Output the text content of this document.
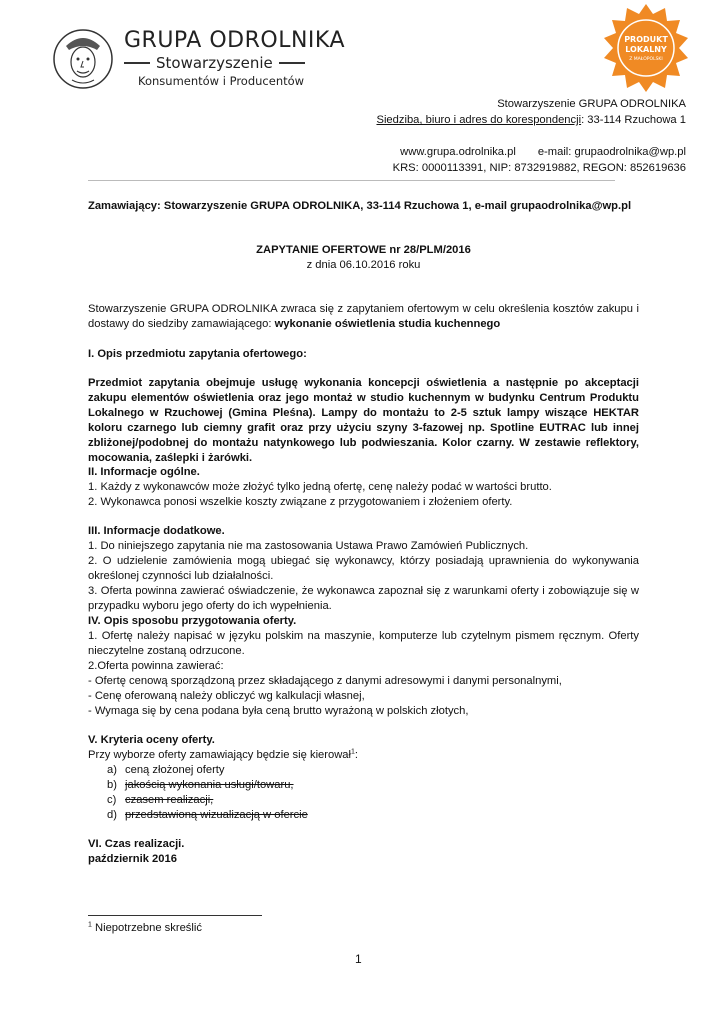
GRUPA ODROLNIKA
Stowarzyszenie
Konsumentów i Producentów
PRODUKT
LOKALNY
Z MAŁOPOLSKI
Stowarzyszenie GRUPA ODROLNIKA
Siedziba, biuro i adres do korespondencji: 33-114 Rzuchowa 1
www.grupa.odrolnika.pl e-mail: grupaodrolnika@wp.pl
KRS: 0000113391, NIP: 8732919882, REGON: 852619636
Zamawiający: Stowarzyszenie GRUPA ODROLNIKA, 33-114 Rzuchowa 1, e-mail grupaodrolnika@wp.pl
ZAPYTANIE OFERTOWE nr 28/PLM/2016
z dnia 06.10.2016 roku
Stowarzyszenie GRUPA ODROLNIKA zwraca się z zapytaniem ofertowym w celu określenia kosztów zakupu i dostawy do siedziby zamawiającego: wykonanie oświetlenia studia kuchennego
I. Opis przedmiotu zapytania ofertowego:
Przedmiot zapytania obejmuje usługę wykonania koncepcji oświetlenia a następnie po akceptacji zakupu elementów oświetlenia oraz jego montaż w studio kuchennym w budynku Centrum Produktu Lokalnego w Rzuchowej (Gmina Pleśna). Lampy do montażu to 2-5 sztuk lampy wiszące HEKTAR koloru czarnego lub ciemny grafit oraz przy użyciu szyny 3-fazowej np. Spotline EUTRAC lub innej zbliżonej/podobnej do montażu natynkowego lub podwieszania. Kolor czarny. W zestawie reflektory, mocowania, zaślepki i żarówki.
II. Informacje ogólne.
1. Każdy z wykonawców może złożyć tylko jedną ofertę, cenę należy podać w wartości brutto.
2. Wykonawca ponosi wszelkie koszty związane z przygotowaniem i złożeniem oferty.
III. Informacje dodatkowe.
1. Do niniejszego zapytania nie ma zastosowania Ustawa Prawo Zamówień Publicznych.
2. O udzielenie zamówienia mogą ubiegać się wykonawcy, którzy posiadają uprawnienia do wykonywania określonej czynności lub działalności.
3. Oferta powinna zawierać oświadczenie, że wykonawca zapoznał się z warunkami oferty i zobowiązuje się w przypadku wyboru jego oferty do ich wypełnienia.
IV. Opis sposobu przygotowania oferty.
1. Ofertę należy napisać w języku polskim na maszynie, komputerze lub czytelnym pismem ręcznym. Oferty nieczytelne zostaną odrzucone.
2.Oferta powinna zawierać:
- Ofertę cenową sporządzoną przez składającego z danymi adresowymi i danymi personalnymi,
- Cenę oferowaną należy obliczyć wg kalkulacji własnej,
- Wymaga się by cena podana była ceną brutto wyrażoną w polskich złotych,
V. Kryteria oceny oferty.
Przy wyborze oferty zamawiający będzie się kierował$^1$:
a) ceną złożonej oferty
b) jakością wykonania usługi/towaru,
c) czasem realizacji,
d) przedstawioną wizualizacją w ofercie
VI. Czas realizacji.
październik 2016
$^1$ Niepotrzebne skreślić
1
